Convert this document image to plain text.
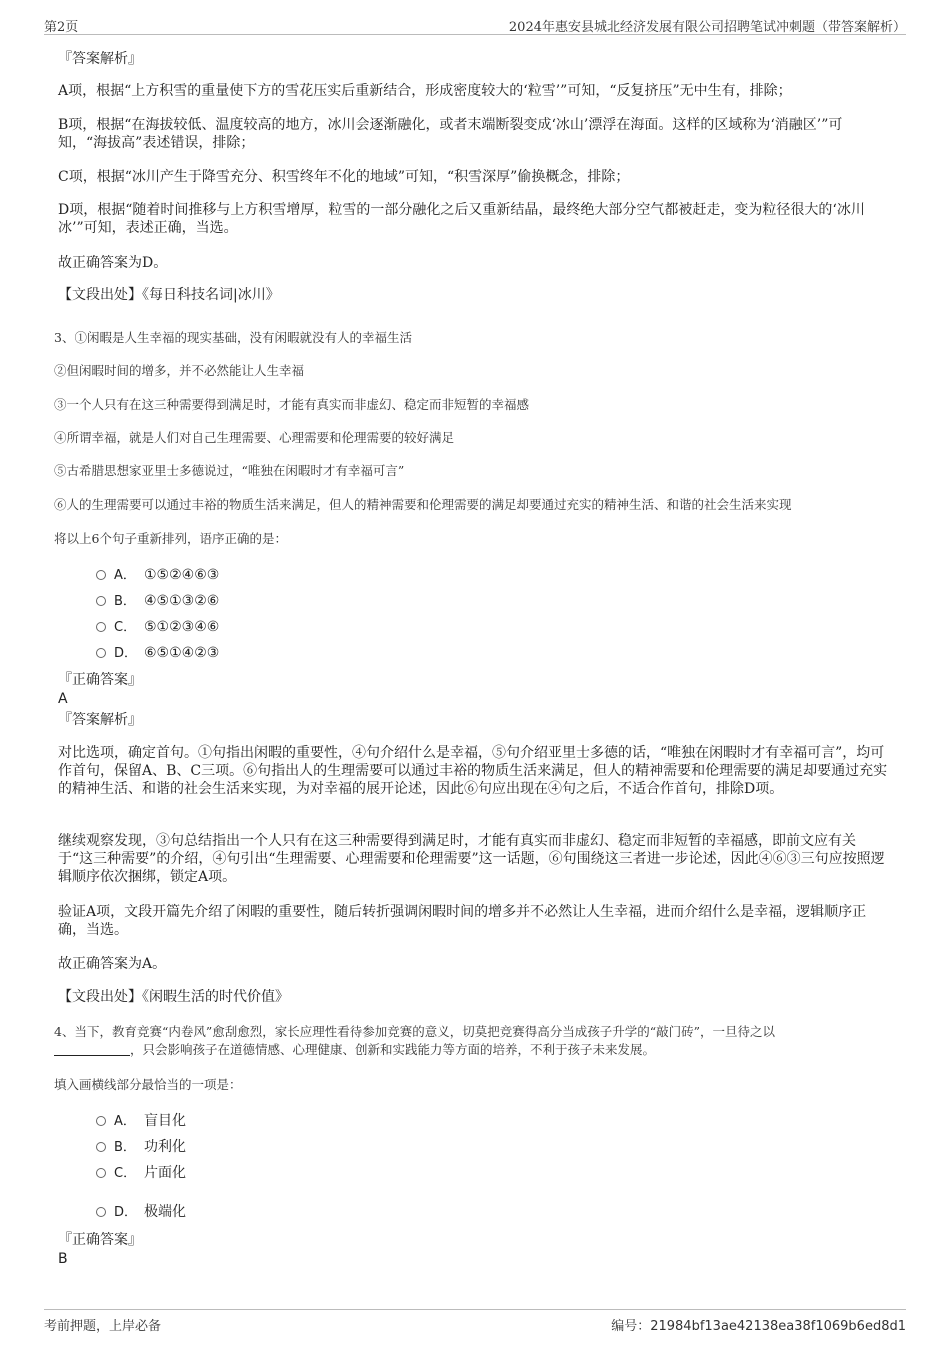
第2页	2024年惠安县城北经济发展有限公司招聘笔试冲刺题（带答案解析）
『答案解析』
A项，根据“上方积雪的重量使下方的雪花压实后重新结合，形成密度较大的‘粒雪’”可知，“反复挤压”无中生有，排除；
B项，根据“在海拔较低、温度较高的地方，冰川会逐渐融化，或者末端断裂变成‘冰山’漂浮在海面。这样的区域称为‘消融区’”可知，“海拔高”表述错误，排除；
C项，根据“冰川产生于降雪充分、积雪终年不化的地域”可知，“积雪深厚”偷换概念，排除；
D项，根据“随着时间推移与上方积雪增厚，粒雪的一部分融化之后又重新结晶，最终绝大部分空气都被赶走，变为粒径很大的‘冰川冰’”可知，表述正确，当选。
故正确答案为D。
【文段出处】《每日科技名词|冰川》
3、①闲暇是人生幸福的现实基础，没有闲暇就没有人的幸福生活
②但闲暇时间的增多，并不必然能让人生幸福
③一个人只有在这三种需要得到满足时，才能有真实而非虚幻、稳定而非短暂的幸福感
④所谓幸福，就是人们对自己生理需要、心理需要和伦理需要的较好满足
⑤古希腊思想家亚里士多德说过，“唯独在闲暇时才有幸福可言”
⑥人的生理需要可以通过丰裕的物质生活来满足，但人的精神需要和伦理需要的满足却要通过充实的精神生活、和谐的社会生活来实现
将以上6个句子重新排列，语序正确的是：
A． ①⑤②④⑥③
B． ④⑤①③②⑥
C． ⑤①②③④⑥
D． ⑥⑤①④②③
『正确答案』
A
『答案解析』
对比选项，确定首句。①句指出闲暇的重要性，④句介绍什么是幸福，⑤句介绍亚里士多德的话，“唯独在闲暇时才有幸福可言”，均可作首句，保留A、B、C三项。⑥句指出人的生理需要可以通过丰裕的物质生活来满足，但人的精神需要和伦理需要的满足却要通过充实的精神生活、和谐的社会生活来实现，为对幸福的展开论述，因此⑥句应出现在④句之后，不适合作首句，排除D项。
继续观察发现，③句总结指出一个人只有在这三种需要得到满足时，才能有真实而非虚幻、稳定而非短暂的幸福感，即前文应有关于“这三种需要”的介绍，④句引出“生理需要、心理需要和伦理需要”这一话题，⑥句围绕这三者进一步论述，因此④⑥③三句应按照逻辑顺序依次捆绑，锁定A项。
验证A项，文段开篇先介绍了闲暇的重要性，随后转折强调闲暇时间的增多并不必然让人生幸福，进而介绍什么是幸福，逻辑顺序正确，当选。
故正确答案为A。
【文段出处】《闲暇生活的时代价值》
4、当下，教育竞赛“内卷风”愈刮愈烈，家长应理性看待参加竞赛的意义，切莫把竞赛得高分当成孩子升学的“敲门砖”，一旦待之以
，只会影响孩子在道德情感、心理健康、创新和实践能力等方面的培养，不利于孩子未来发展。
填入画横线部分最恰当的一项是：
A． 盲目化
B． 功利化
C． 片面化
D． 极端化
『正确答案』
B
考前押题，上岸必备	编号：21984bf13ae42138ea38f1069b6ed8d1
